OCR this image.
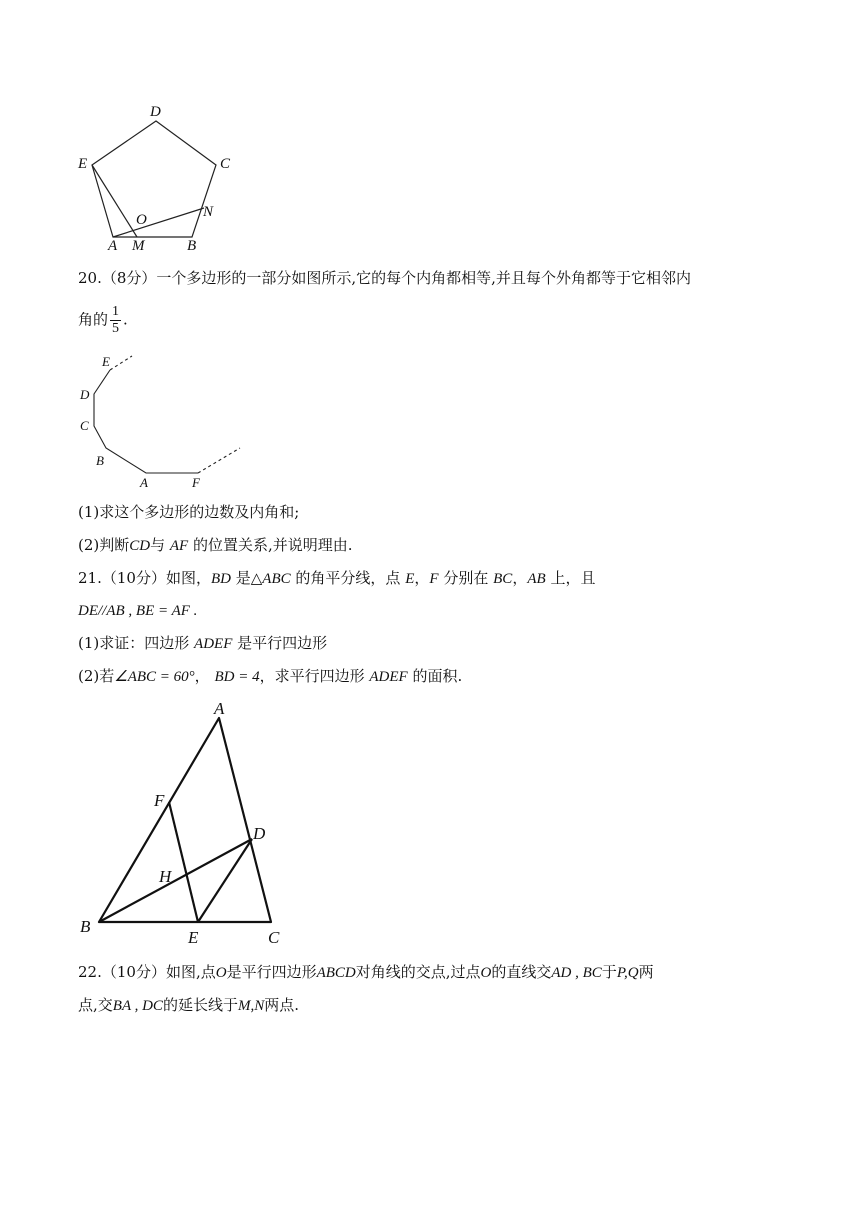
D
E	C
O	N
A M	B
20.（8分）一个多边形的一部分如图所示,它的每个内角都相等,并且每个外角都等于它相邻内
角的 $\frac{1}{5}$ .
E
D
C
B
A	F
(1)求这个多边形的边数及内角和;
(2)判断CD与 AF 的位置关系,并说明理由.
21.（10分）如图，BD 是△ABC 的角平分线，点 E，F 分别在 BC，AB 上，且
DE//AB , BE = AF .
(1)求证：四边形 ADEF 是平行四边形
(2)若∠ABC = 60°， BD = 4，求平行四边形 ADEF 的面积.
A
F
D
H
B
E	C
22.（10分）如图,点O是平行四边形ABCD对角线的交点,过点O的直线交AD , BC于P,Q两
点,交BA , DC的延长线于M,N两点.
